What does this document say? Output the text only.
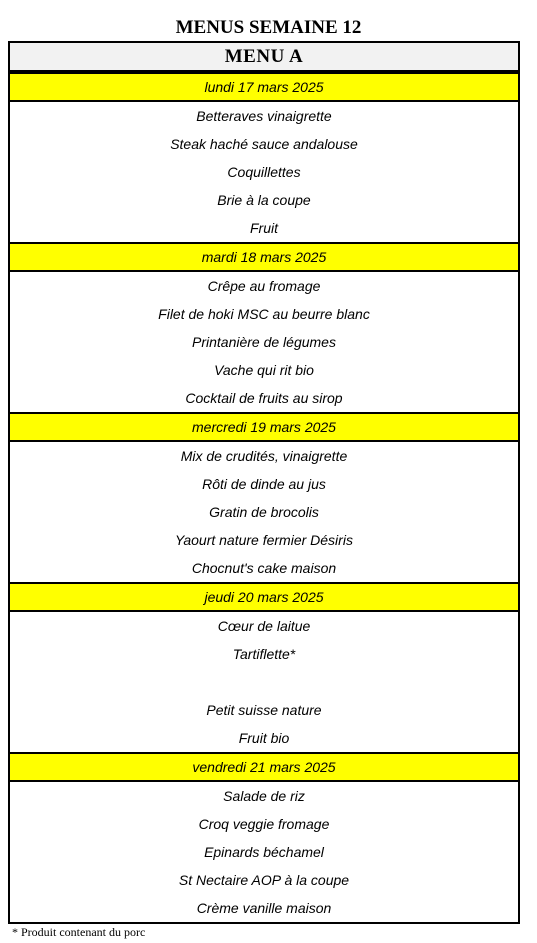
MENUS SEMAINE 12
MENU A
lundi 17 mars 2025
Betteraves vinaigrette
Steak haché sauce andalouse
Coquillettes
Brie à la coupe
Fruit
mardi 18 mars 2025
Crêpe au fromage
Filet de hoki MSC au beurre blanc
Printanière de légumes
Vache qui rit bio
Cocktail de fruits au sirop
mercredi 19 mars 2025
Mix de crudités, vinaigrette
Rôti de dinde au jus
Gratin de brocolis
Yaourt nature fermier Désiris
Chocnut's cake maison
jeudi 20 mars 2025
Cœur de laitue
Tartiflette*
Petit suisse nature
Fruit bio
vendredi 21 mars 2025
Salade de riz
Croq veggie fromage
Epinards béchamel
St Nectaire AOP à la coupe
Crème vanille maison
* Produit contenant du porc
